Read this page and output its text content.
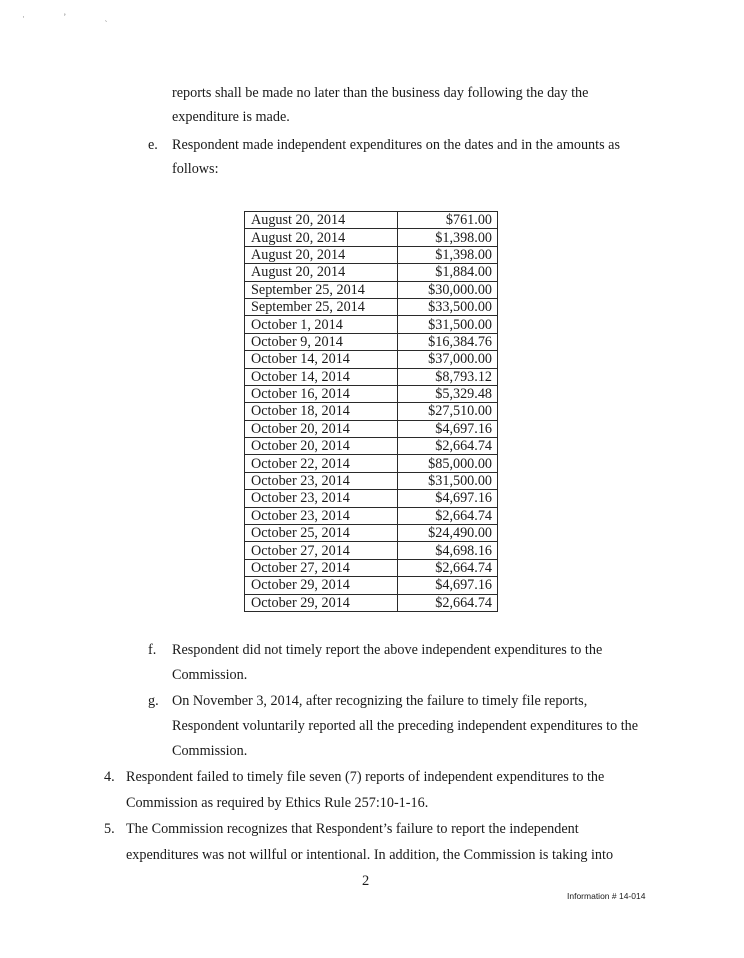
· ʼ ˏ
reports shall be made no later than the business day following the day the
expenditure is made.
e. Respondent made independent expenditures on the dates and in the amounts as
follows:
August 20, 2014	$761.00
August 20, 2014	$1,398.00
August 20, 2014	$1,398.00
August 20, 2014	$1,884.00
September 25, 2014	$30,000.00
September 25, 2014	$33,500.00
October 1, 2014	$31,500.00
October 9, 2014	$16,384.76
October 14, 2014	$37,000.00
October 14, 2014	$8,793.12
October 16, 2014	$5,329.48
October 18, 2014	$27,510.00
October 20, 2014	$4,697.16
October 20, 2014	$2,664.74
October 22, 2014	$85,000.00
October 23, 2014	$31,500.00
October 23, 2014	$4,697.16
October 23, 2014	$2,664.74
October 25, 2014	$24,490.00
October 27, 2014	$4,698.16
October 27, 2014	$2,664.74
October 29, 2014	$4,697.16
October 29, 2014	$2,664.74
f. Respondent did not timely report the above independent expenditures to the
Commission.
g. On November 3, 2014, after recognizing the failure to timely file reports,
Respondent voluntarily reported all the preceding independent expenditures to the
Commission.
4. Respondent failed to timely file seven (7) reports of independent expenditures to the
Commission as required by Ethics Rule 257:10-1-16.
5. The Commission recognizes that Respondent’s failure to report the independent
expenditures was not willful or intentional. In addition, the Commission is taking into
2
Information # 14-014
